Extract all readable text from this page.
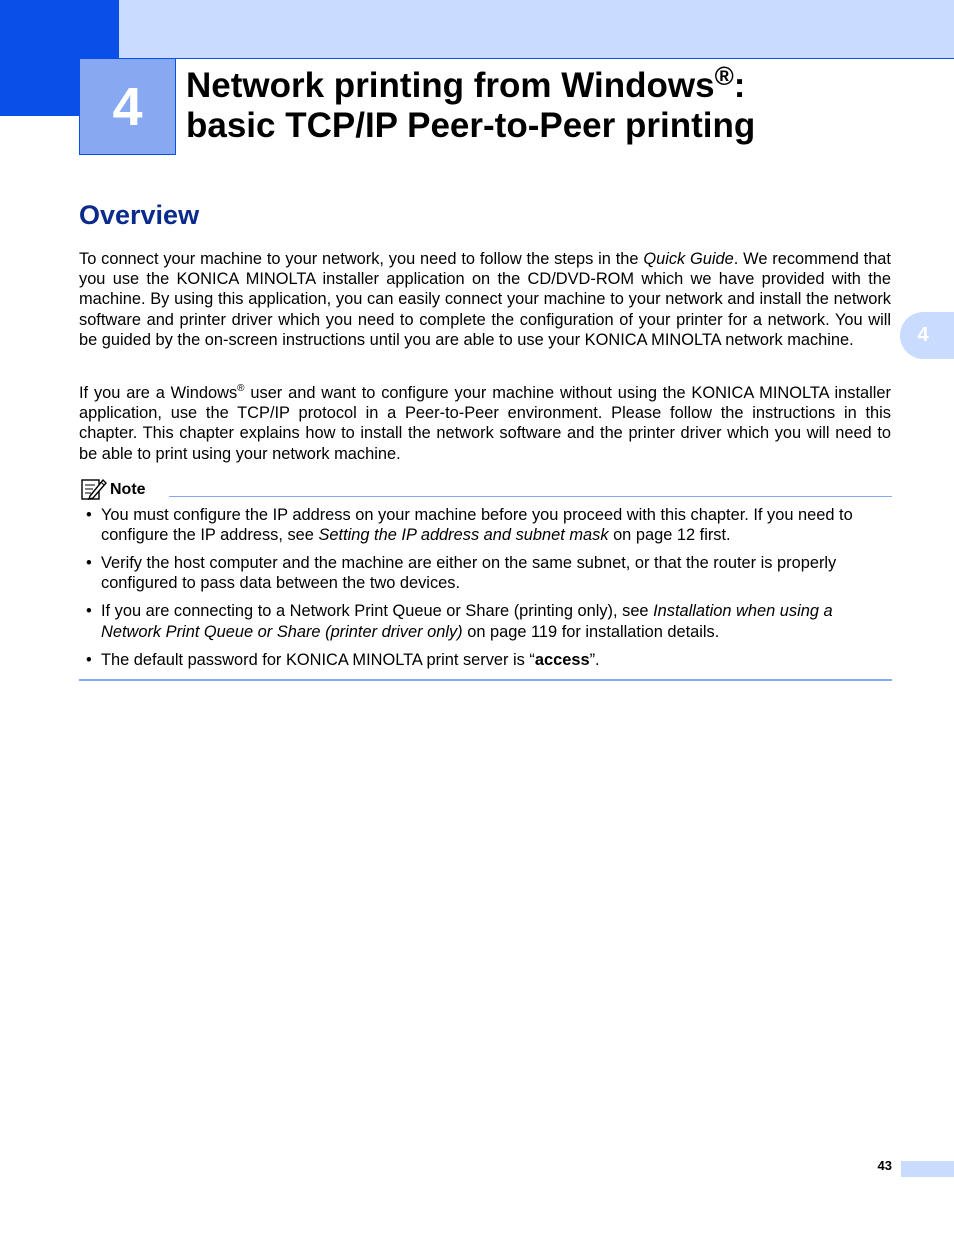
4 Network printing from Windows®:
basic TCP/IP Peer-to-Peer printing
Overview

To connect your machine to your network, you need to follow the steps in the Quick Guide. We recommend that you use the KONICA MINOLTA installer application on the CD/DVD-ROM which we have provided with the machine. By using this application, you can easily connect your machine to your network and install the network software and printer driver which you need to complete the configuration of your printer for a network. You will be guided by the on-screen instructions until you are able to use your KONICA MINOLTA network machine.

If you are a Windows® user and want to configure your machine without using the KONICA MINOLTA installer application, use the TCP/IP protocol in a Peer-to-Peer environment. Please follow the instructions in this chapter. This chapter explains how to install the network software and the printer driver which you will need to be able to print using your network machine.

4
Note
• You must configure the IP address on your machine before you proceed with this chapter. If you need to configure the IP address, see Setting the IP address and subnet mask on page 12 first.
• Verify the host computer and the machine are either on the same subnet, or that the router is properly configured to pass data between the two devices.
• If you are connecting to a Network Print Queue or Share (printing only), see Installation when using a Network Print Queue or Share (printer driver only) on page 119 for installation details.
• The default password for KONICA MINOLTA print server is “access”.
43
